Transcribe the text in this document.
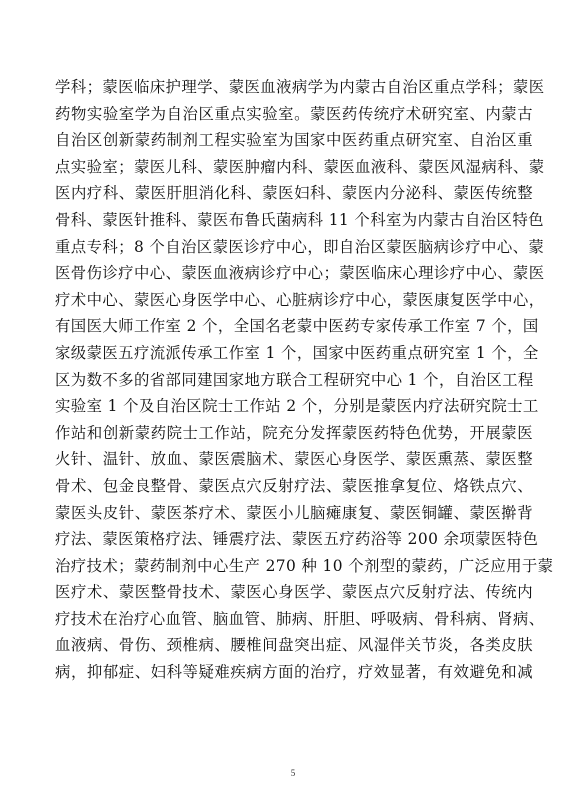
学科；蒙医临床护理学、蒙医血液病学为内蒙古自治区重点学科；蒙医
药物实验室学为自治区重点实验室。蒙医药传统疗术研究室、内蒙古
自治区创新蒙药制剂工程实验室为国家中医药重点研究室、自治区重
点实验室；蒙医儿科、蒙医肿瘤内科、蒙医血液科、蒙医风湿病科、蒙
医内疗科、蒙医肝胆消化科、蒙医妇科、蒙医内分泌科、蒙医传统整
骨科、蒙医针推科、蒙医布鲁氏菌病科 11 个科室为内蒙古自治区特色
重点专科；8 个自治区蒙医诊疗中心，即自治区蒙医脑病诊疗中心、蒙
医骨伤诊疗中心、蒙医血液病诊疗中心；蒙医临床心理诊疗中心、蒙医
疗术中心、蒙医心身医学中心、心脏病诊疗中心，蒙医康复医学中心，
有国医大师工作室 2 个，全国名老蒙中医药专家传承工作室 7 个，国
家级蒙医五疗流派传承工作室 1 个，国家中医药重点研究室 1 个，全
区为数不多的省部同建国家地方联合工程研究中心 1 个，自治区工程
实验室 1 个及自治区院士工作站 2 个，分别是蒙医内疗法研究院士工
作站和创新蒙药院士工作站，院充分发挥蒙医药特色优势，开展蒙医
火针、温针、放血、蒙医震脑术、蒙医心身医学、蒙医熏蒸、蒙医整
骨术、包金良整骨、蒙医点穴反射疗法、蒙医推拿复位、烙铁点穴、
蒙医头皮针、蒙医茶疗术、蒙医小儿脑瘫康复、蒙医铜罐、蒙医擀背
疗法、蒙医策格疗法、锤震疗法、蒙医五疗药浴等 200 余项蒙医特色
治疗技术；蒙药制剂中心生产 270 种 10 个剂型的蒙药，广泛应用于蒙
医疗术、蒙医整骨技术、蒙医心身医学、蒙医点穴反射疗法、传统内
疗技术在治疗心血管、脑血管、肺病、肝胆、呼吸病、骨科病、肾病、
血液病、骨伤、颈椎病、腰椎间盘突出症、风湿伴关节炎，各类皮肤
病，抑郁症、妇科等疑难疾病方面的治疗，疗效显著，有效避免和减
5
